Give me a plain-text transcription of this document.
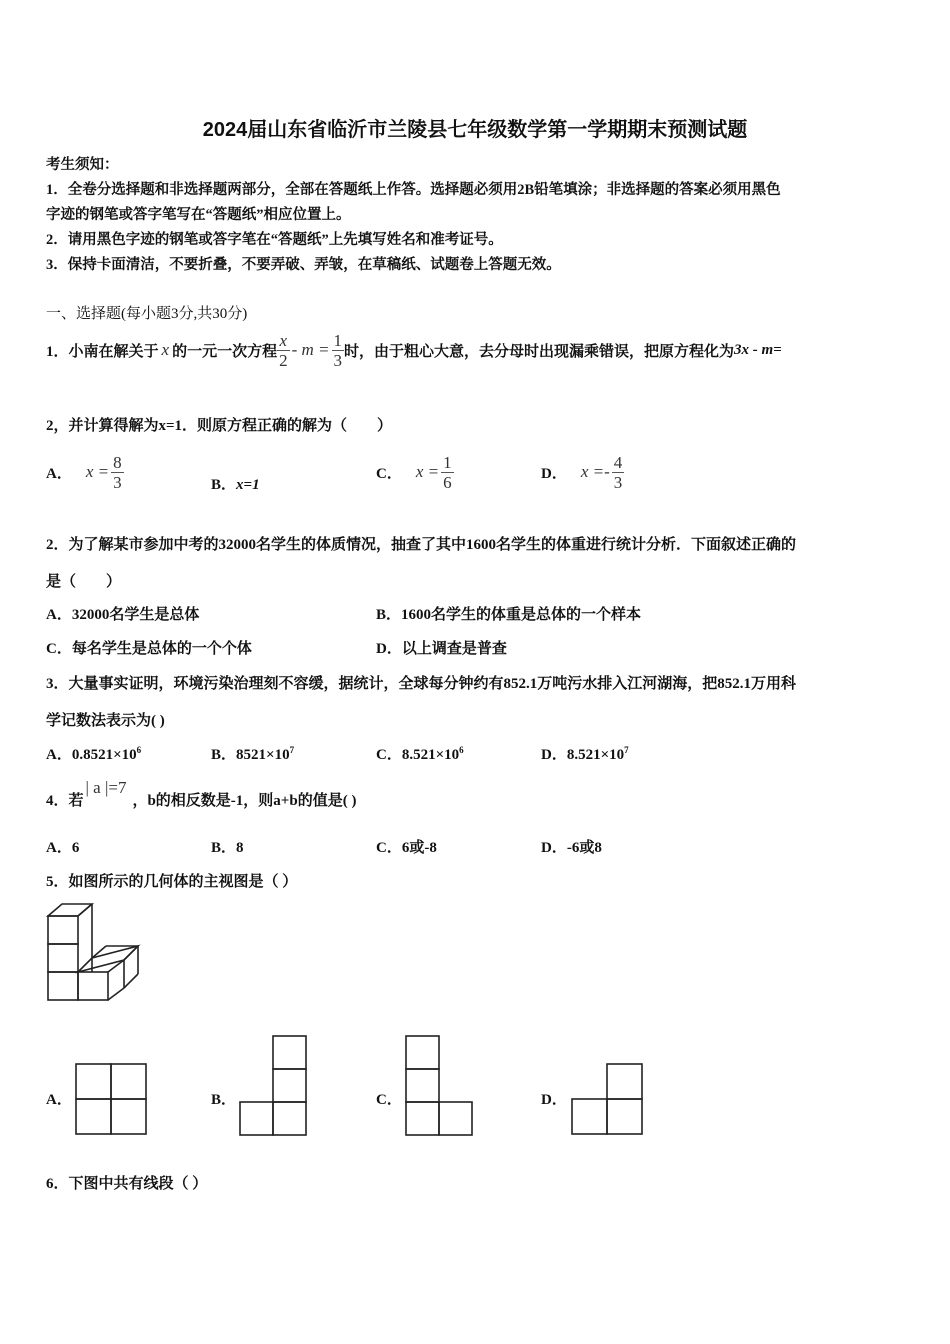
2024届山东省临沂市兰陵县七年级数学第一学期期末预测试题
考生须知：
1．全卷分选择题和非选择题两部分，全部在答题纸上作答。选择题必须用2B铅笔填涂；非选择题的答案必须用黑色
字迹的钢笔或答字笔写在“答题纸”相应位置上。
2．请用黑色字迹的钢笔或答字笔在“答题纸”上先填写姓名和准考证号。
3．保持卡面清洁，不要折叠，不要弄破、弄皱，在草稿纸、试题卷上答题无效。
一、选择题(每小题3分,共30分)
1．小南在解关于 x 的一元一次方程 $\frac{x}{2} - m = \frac{1}{3}$ 时，由于粗心大意，去分母时出现漏乘错误，把原方程化为 3x - m=
2，并计算得解为x=1．则原方程正确的解为（　　）
A． $x = \frac{8}{3}$	B．x=1
C． $x = \frac{1}{6}$	D． $x =- \frac{4}{3}$
2．为了解某市参加中考的32000名学生的体质情况，抽查了其中1600名学生的体重进行统计分析．下面叙述正确的
是（　　）
A．32000名学生是总体	B．1600名学生的体重是总体的一个样本
C．每名学生是总体的一个个体	D．以上调查是普查
3．大量事实证明，环境污染治理刻不容缓，据统计，全球每分钟约有852.1万吨污水排入江河湖海，把852.1万用科
学记数法表示为( )
A．$0.8521\times 10^6$	B．$8521\times 10^7$	C．$8.521\times 10^6$	D．$8.521\times 10^7$
4．若
| a |=7
，b的相反数是-1，则a+b的值是( )
A．6	B．8	C．6或-8	D．-6或8
5．如图所示的几何体的主视图是（ ）
A．	B．	C．	D．
6．下图中共有线段（ ）
